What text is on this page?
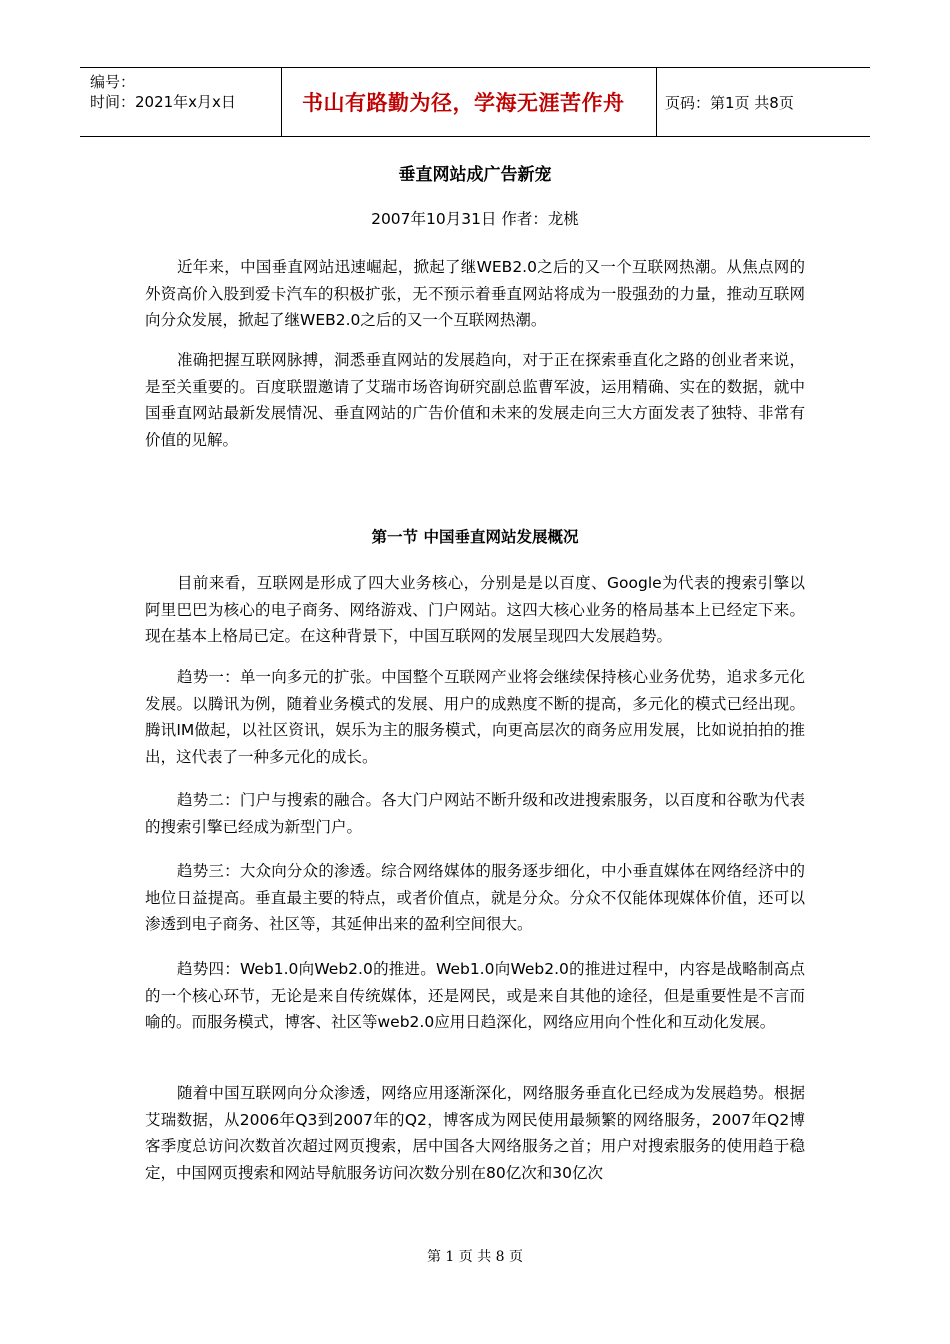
编号：
时间：2021年x月x日	书山有路勤为径，学海无涯苦作舟	页码：第1页 共8页
垂直网站成广告新宠
2007年10月31日 作者：龙桃

近年来，中国垂直网站迅速崛起，掀起了继WEB2.0之后的又一个互联网热潮。从焦点网的外资高价入股到爱卡汽车的积极扩张，无不预示着垂直网站将成为一股强劲的力量，推动互联网向分众发展，掀起了继WEB2.0之后的又一个互联网热潮。

准确把握互联网脉搏，洞悉垂直网站的发展趋向，对于正在探索垂直化之路的创业者来说，是至关重要的。百度联盟邀请了艾瑞市场咨询研究副总监曹军波，运用精确、实在的数据，就中国垂直网站最新发展情况、垂直网站的广告价值和未来的发展走向三大方面发表了独特、非常有价值的见解。

第一节 中国垂直网站发展概况

目前来看，互联网是形成了四大业务核心，分别是是以百度、Google为代表的搜索引擎以阿里巴巴为核心的电子商务、网络游戏、门户网站。这四大核心业务的格局基本上已经定下来。现在基本上格局已定。在这种背景下，中国互联网的发展呈现四大发展趋势。

趋势一：单一向多元的扩张。中国整个互联网产业将会继续保持核心业务优势，追求多元化发展。以腾讯为例，随着业务模式的发展、用户的成熟度不断的提高，多元化的模式已经出现。腾讯IM做起，以社区资讯，娱乐为主的服务模式，向更高层次的商务应用发展，比如说拍拍的推出，这代表了一种多元化的成长。

趋势二：门户与搜索的融合。各大门户网站不断升级和改进搜索服务，以百度和谷歌为代表的搜索引擎已经成为新型门户。

趋势三：大众向分众的渗透。综合网络媒体的服务逐步细化，中小垂直媒体在网络经济中的地位日益提高。垂直最主要的特点，或者价值点，就是分众。分众不仅能体现媒体价值，还可以渗透到电子商务、社区等，其延伸出来的盈利空间很大。

趋势四：Web1.0向Web2.0的推进。Web1.0向Web2.0的推进过程中，内容是战略制高点的一个核心环节，无论是来自传统媒体，还是网民，或是来自其他的途径，但是重要性是不言而喻的。而服务模式，博客、社区等web2.0应用日趋深化，网络应用向个性化和互动化发展。

随着中国互联网向分众渗透，网络应用逐渐深化，网络服务垂直化已经成为发展趋势。根据艾瑞数据，从2006年Q3到2007年的Q2，博客成为网民使用最频繁的网络服务，2007年Q2博客季度总访问次数首次超过网页搜索，居中国各大网络服务之首；用户对搜索服务的使用趋于稳定，中国网页搜索和网站导航服务访问次数分别在80亿次和30亿次

第 1 页 共 8 页
